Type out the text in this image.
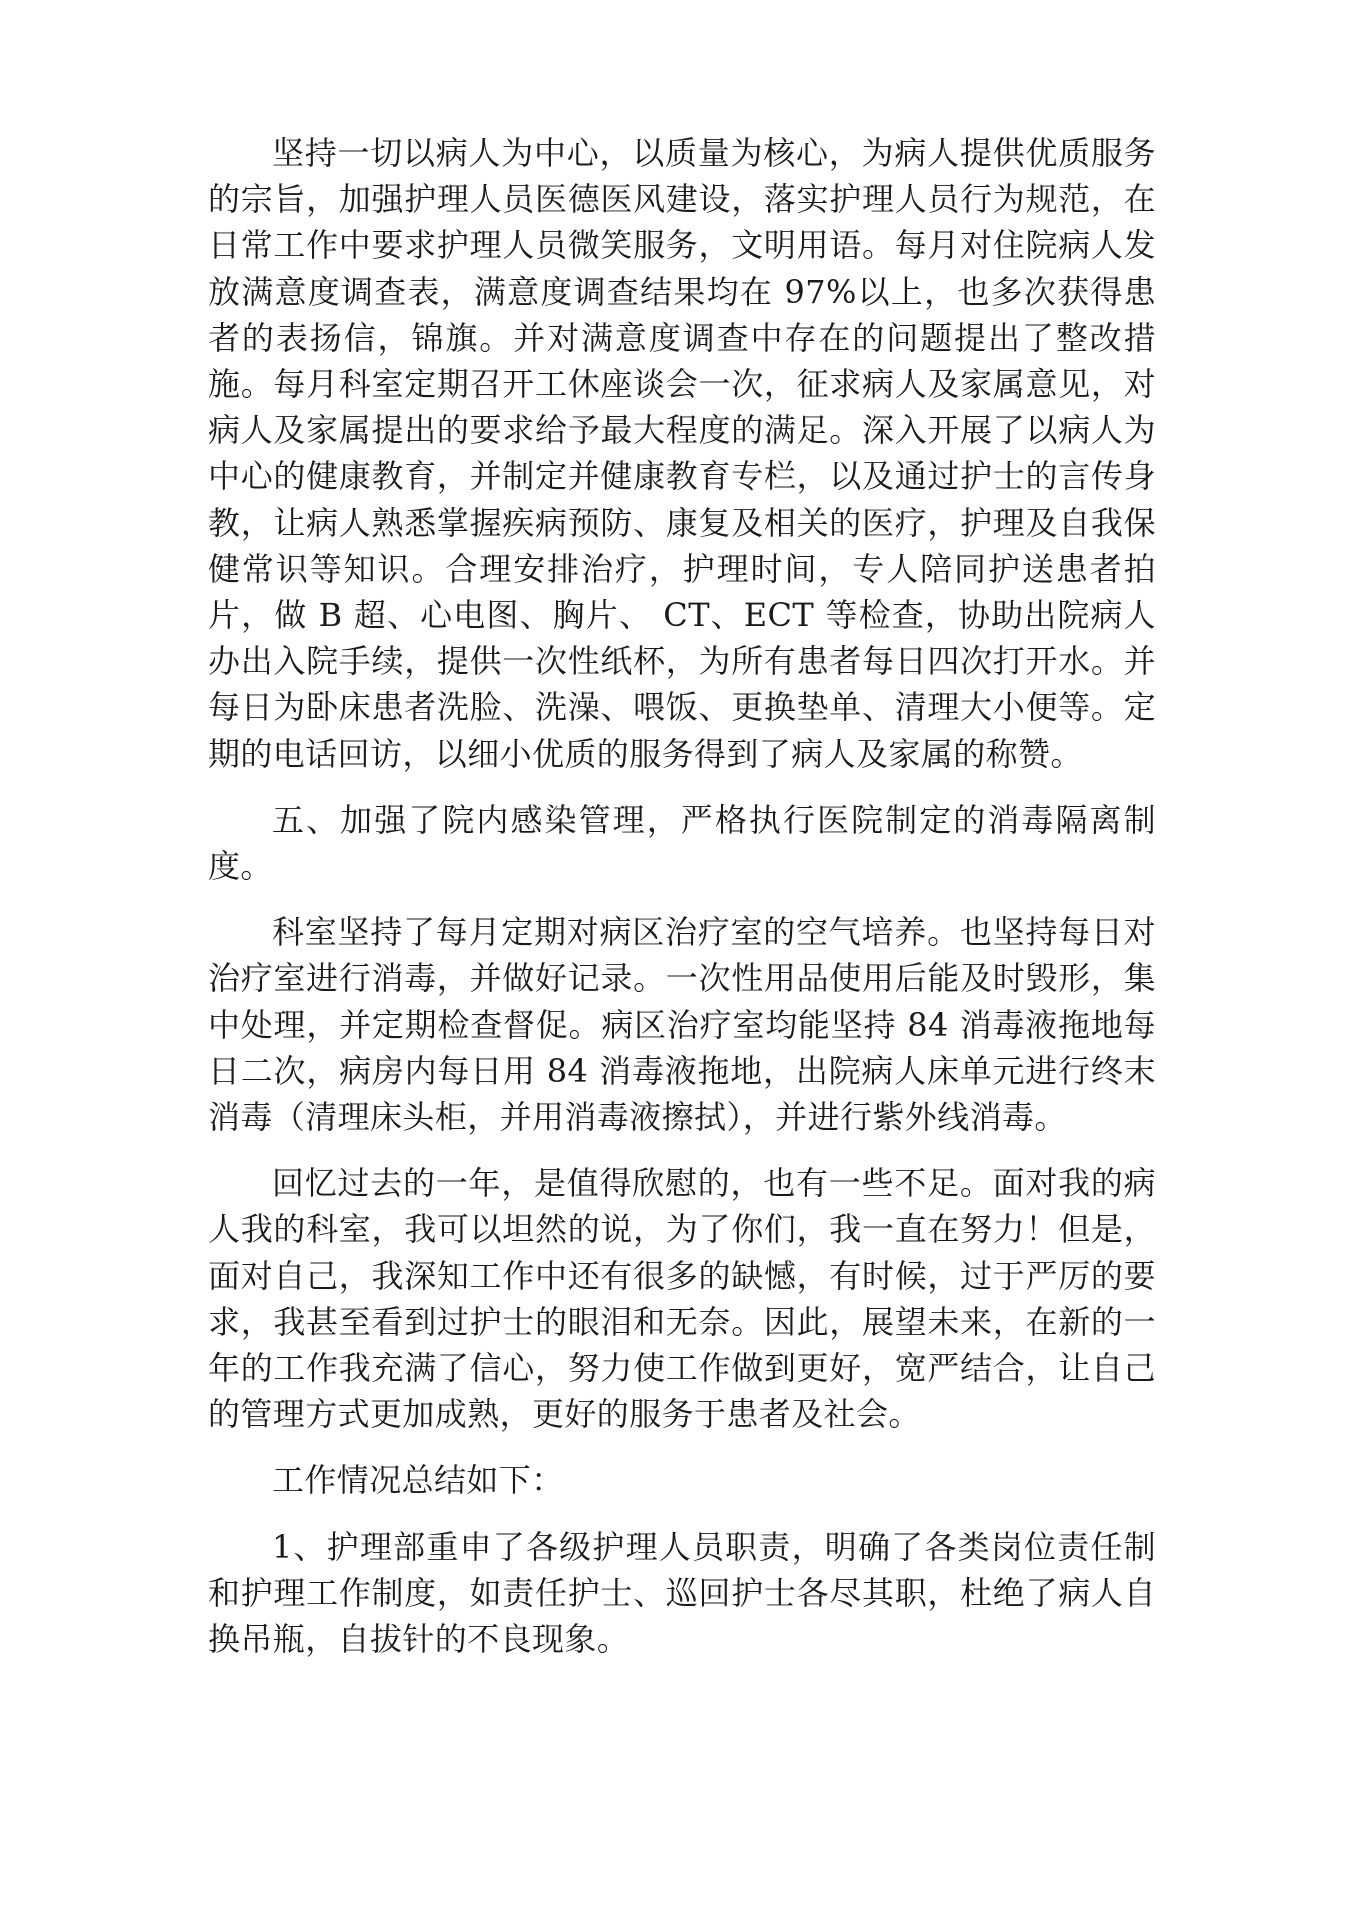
坚持一切以病人为中心，以质量为核心，为病人提供优质服务的宗旨，加强护理人员医德医风建设，落实护理人员行为规范，在日常工作中要求护理人员微笑服务，文明用语。每月对住院病人发放满意度调查表，满意度调查结果均在 97%以上，也多次获得患者的表扬信，锦旗。并对满意度调查中存在的问题提出了整改措施。每月科室定期召开工休座谈会一次，征求病人及家属意见，对病人及家属提出的要求给予最大程度的满足。深入开展了以病人为中心的健康教育，并制定并健康教育专栏，以及通过护士的言传身教，让病人熟悉掌握疾病预防、康复及相关的医疗，护理及自我保健常识等知识。合理安排治疗，护理时间，专人陪同护送患者拍片，做 B 超、心电图、胸片、 CT、ECT 等检查，协助出院病人办出入院手续，提供一次性纸杯，为所有患者每日四次打开水。并每日为卧床患者洗脸、洗澡、喂饭、更换垫单、清理大小便等。定期的电话回访，以细小优质的服务得到了病人及家属的称赞。

五、加强了院内感染管理，严格执行医院制定的消毒隔离制度。

科室坚持了每月定期对病区治疗室的空气培养。也坚持每日对治疗室进行消毒，并做好记录。一次性用品使用后能及时毁形，集中处理，并定期检查督促。病区治疗室均能坚持 84 消毒液拖地每日二次，病房内每日用 84 消毒液拖地，出院病人床单元进行终末消毒（清理床头柜，并用消毒液擦拭），并进行紫外线消毒。

回忆过去的一年，是值得欣慰的，也有一些不足。面对我的病人我的科室，我可以坦然的说，为了你们，我一直在努力！但是，面对自己，我深知工作中还有很多的缺憾，有时候，过于严厉的要求，我甚至看到过护士的眼泪和无奈。因此，展望未来，在新的一年的工作我充满了信心，努力使工作做到更好，宽严结合，让自己的管理方式更加成熟，更好的服务于患者及社会。

工作情况总结如下：

1、护理部重申了各级护理人员职责，明确了各类岗位责任制和护理工作制度，如责任护士、巡回护士各尽其职，杜绝了病人自换吊瓶，自拔针的不良现象。
